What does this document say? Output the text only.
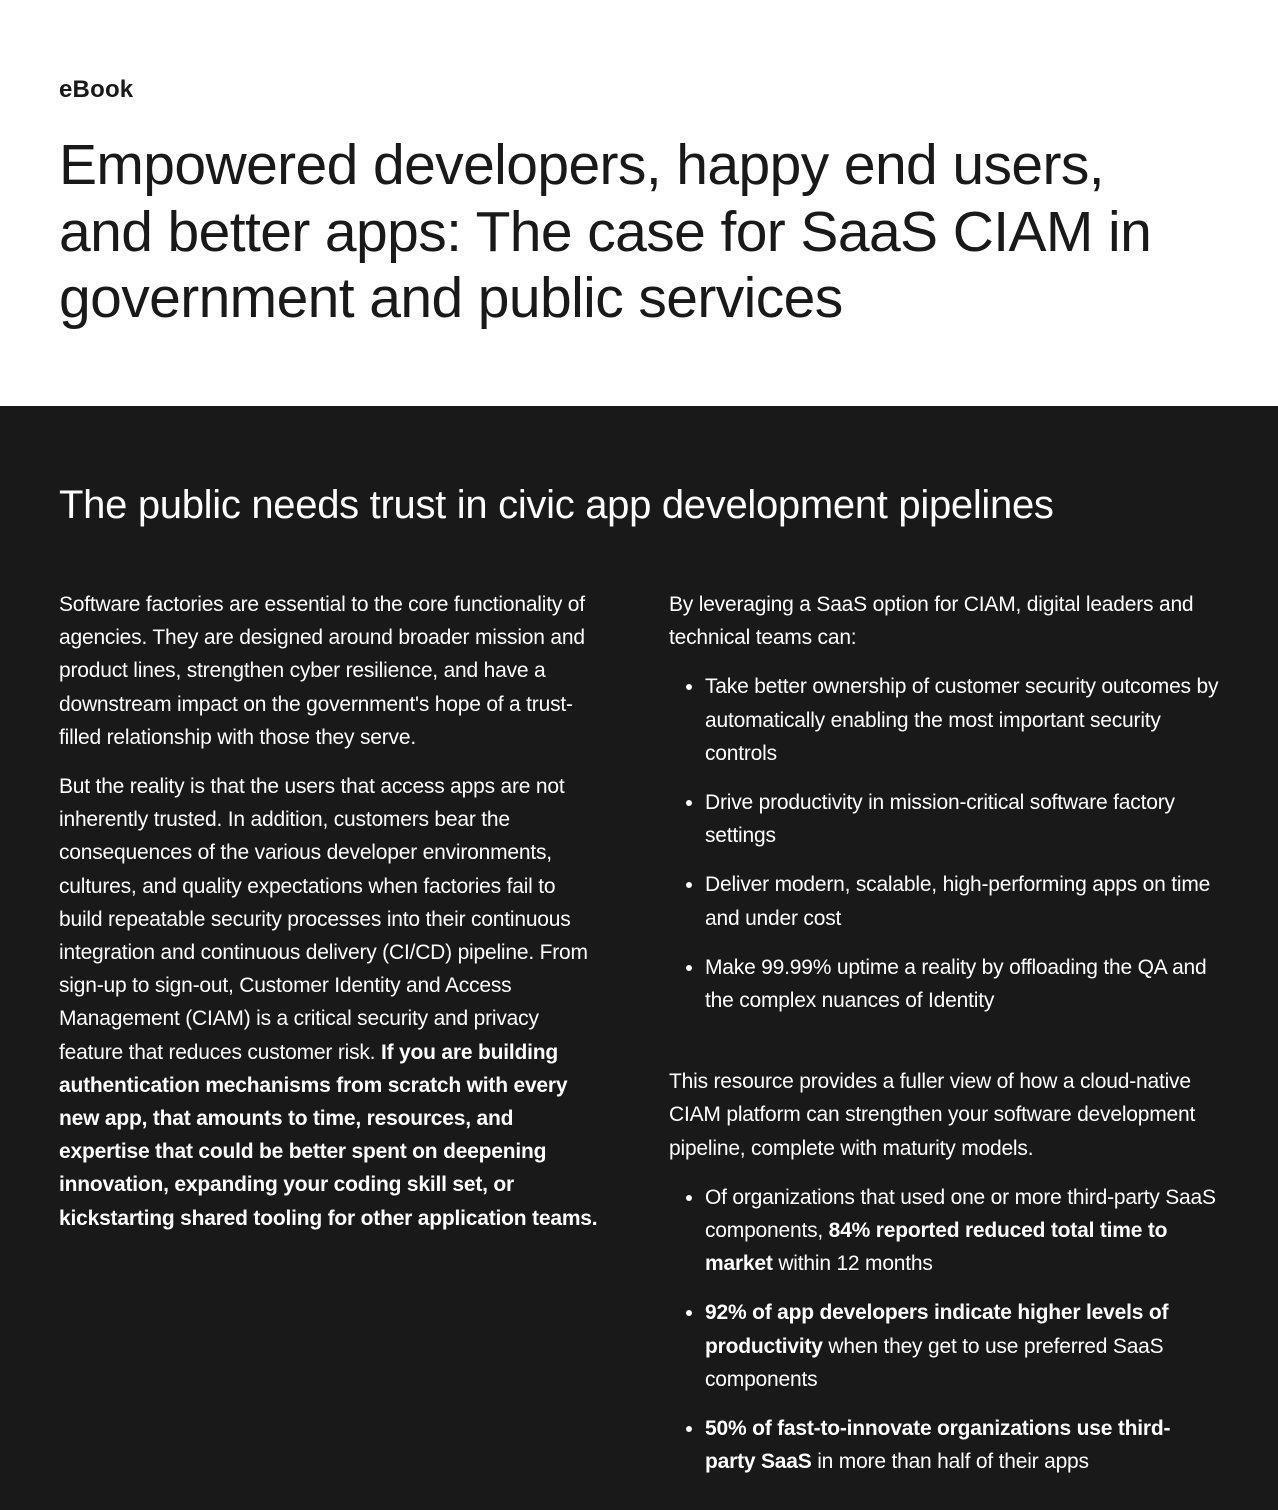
eBook

Empowered developers, happy end users, and better apps: The case for SaaS CIAM in government and public services
The public needs trust in civic app development pipelines

Software factories are essential to the core functionality of agencies. They are designed around broader mission and product lines, strengthen cyber resilience, and have a downstream impact on the government's hope of a trust-filled relationship with those they serve.

But the reality is that the users that access apps are not inherently trusted. In addition, customers bear the consequences of the various developer environments, cultures, and quality expectations when factories fail to build repeatable security processes into their continuous integration and continuous delivery (CI/CD) pipeline. From sign-up to sign-out, Customer Identity and Access Management (CIAM) is a critical security and privacy feature that reduces customer risk. If you are building authentication mechanisms from scratch with every new app, that amounts to time, resources, and expertise that could be better spent on deepening innovation, expanding your coding skill set, or kickstarting shared tooling for other application teams.

By leveraging a SaaS option for CIAM, digital leaders and technical teams can:

• Take better ownership of customer security outcomes by automatically enabling the most important security controls
• Drive productivity in mission-critical software factory settings
• Deliver modern, scalable, high-performing apps on time and under cost
• Make 99.99% uptime a reality by offloading the QA and the complex nuances of Identity

This resource provides a fuller view of how a cloud-native CIAM platform can strengthen your software development pipeline, complete with maturity models.

• Of organizations that used one or more third-party SaaS components, 84% reported reduced total time to market within 12 months
• 92% of app developers indicate higher levels of productivity when they get to use preferred SaaS components
• 50% of fast-to-innovate organizations use third-party SaaS in more than half of their apps
